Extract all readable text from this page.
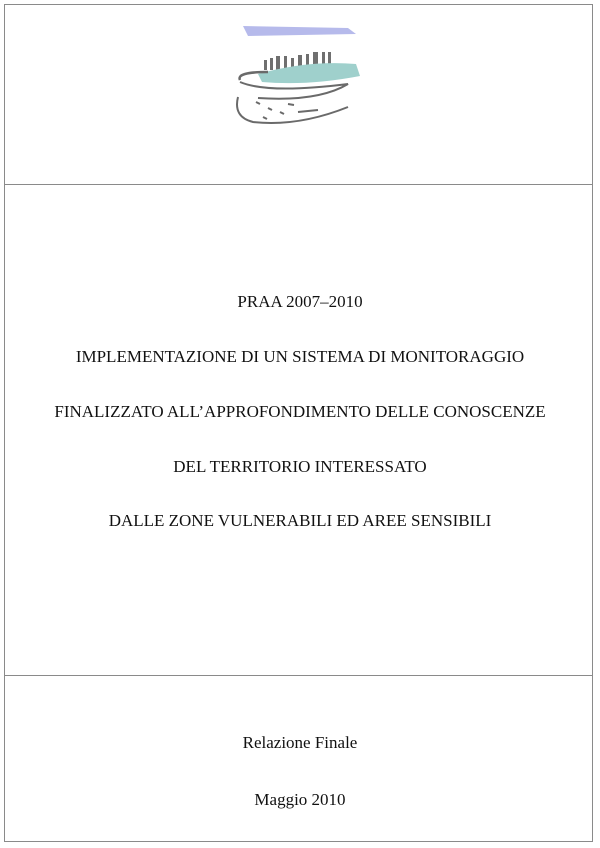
PRAA 2007–2010
IMPLEMENTAZIONE DI UN SISTEMA DI MONITORAGGIO
FINALIZZATO ALL’APPROFONDIMENTO DELLE CONOSCENZE
DEL TERRITORIO INTERESSATO
DALLE ZONE VULNERABILI ED AREE SENSIBILI
Relazione Finale
Maggio 2010
